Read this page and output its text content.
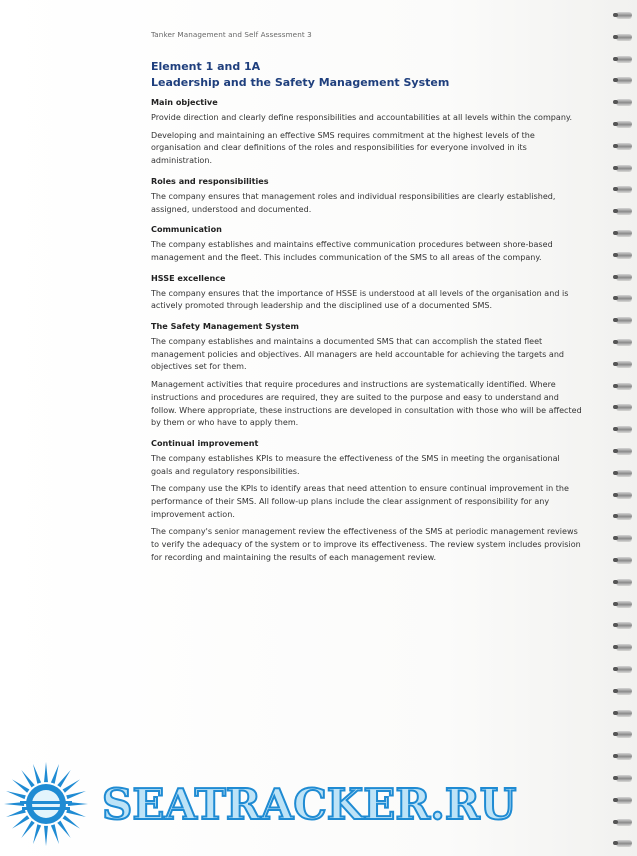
Tanker Management and Self Assessment 3
Element 1 and 1A
Leadership and the Safety Management System
Main objective

Provide direction and clearly define responsibilities and accountabilities at all levels within the company.

Developing and maintaining an effective SMS requires commitment at the highest levels of the organisation and clear definitions of the roles and responsibilities for everyone involved in its administration.

Roles and responsibilities

The company ensures that management roles and individual responsibilities are clearly established, assigned, understood and documented.

Communication

The company establishes and maintains effective communication procedures between shore-based management and the fleet. This includes communication of the SMS to all areas of the company.

HSSE excellence

The company ensures that the importance of HSSE is understood at all levels of the organisation and is actively promoted through leadership and the disciplined use of a documented SMS.

The Safety Management System

The company establishes and maintains a documented SMS that can accomplish the stated fleet management policies and objectives. All managers are held accountable for achieving the targets and objectives set for them.

Management activities that require procedures and instructions are systematically identified. Where instructions and procedures are required, they are suited to the purpose and easy to understand and follow. Where appropriate, these instructions are developed in consultation with those who will be affected by them or who have to apply them.

Continual improvement

The company establishes KPIs to measure the effectiveness of the SMS in meeting the organisational goals and regulatory responsibilities.

The company use the KPIs to identify areas that need attention to ensure continual improvement in the performance of their SMS. All follow-up plans include the clear assignment of responsibility for any improvement action.

The company's senior management review the effectiveness of the SMS at periodic management reviews to verify the adequacy of the system or to improve its effectiveness. The review system includes provision for recording and maintaining the results of each management review.

SEATRACKER.RU
